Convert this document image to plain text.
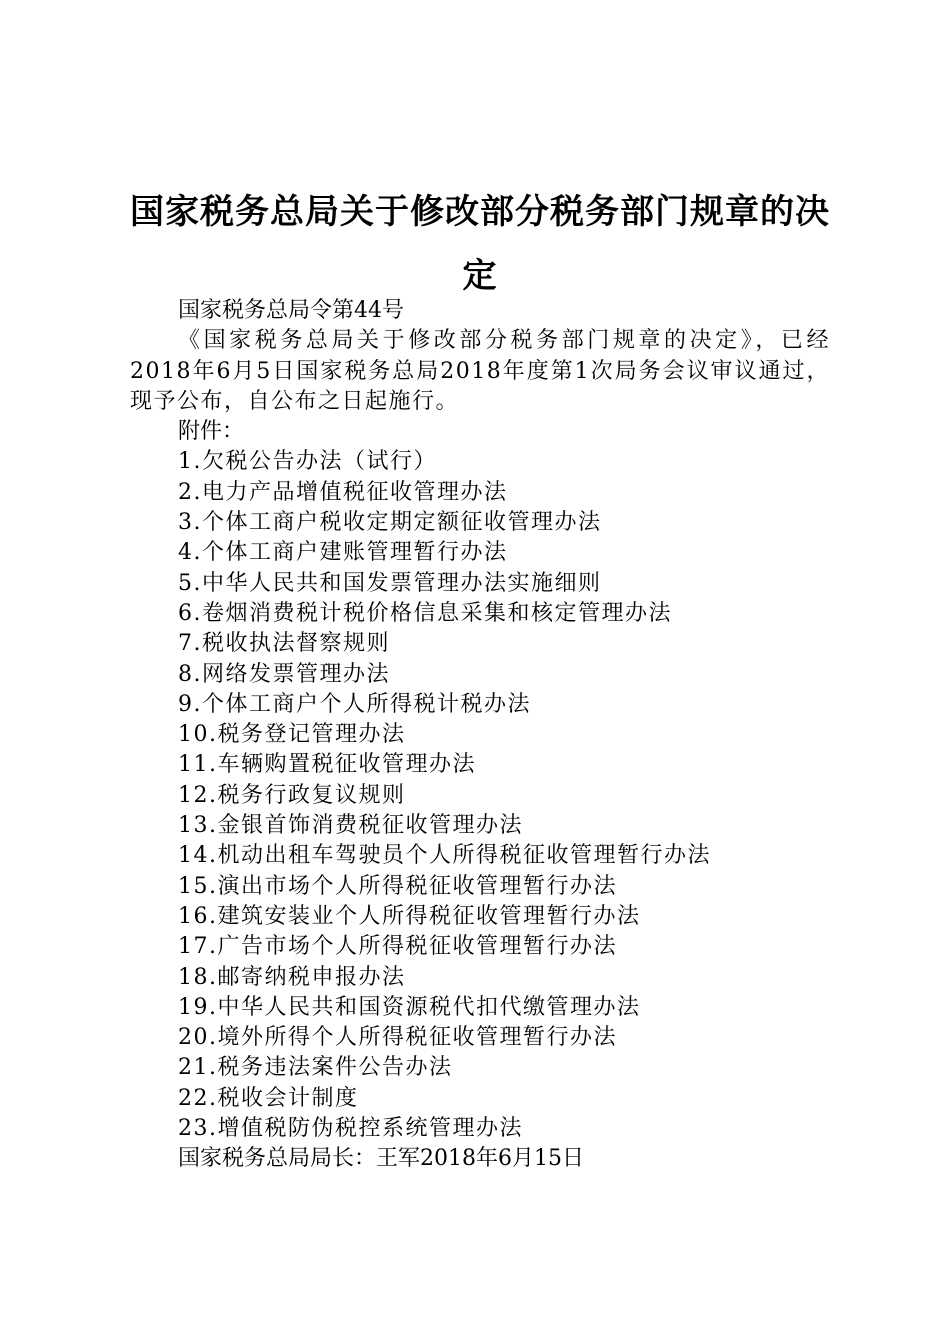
国家税务总局关于修改部分税务部门规章的决定

国家税务总局令第44号

《国家税务总局关于修改部分税务部门规章的决定》，已经2018年6月5日国家税务总局2018年度第1次局务会议审议通过，现予公布，自公布之日起施行。

附件：

1.欠税公告办法（试行）
2.电力产品增值税征收管理办法
3.个体工商户税收定期定额征收管理办法
4.个体工商户建账管理暂行办法
5.中华人民共和国发票管理办法实施细则
6.卷烟消费税计税价格信息采集和核定管理办法
7.税收执法督察规则
8.网络发票管理办法
9.个体工商户个人所得税计税办法
10.税务登记管理办法
11.车辆购置税征收管理办法
12.税务行政复议规则
13.金银首饰消费税征收管理办法
14.机动出租车驾驶员个人所得税征收管理暂行办法
15.演出市场个人所得税征收管理暂行办法
16.建筑安装业个人所得税征收管理暂行办法
17.广告市场个人所得税征收管理暂行办法
18.邮寄纳税申报办法
19.中华人民共和国资源税代扣代缴管理办法
20.境外所得个人所得税征收管理暂行办法
21.税务违法案件公告办法
22.税收会计制度
23.增值税防伪税控系统管理办法

国家税务总局局长：王军2018年6月15日
